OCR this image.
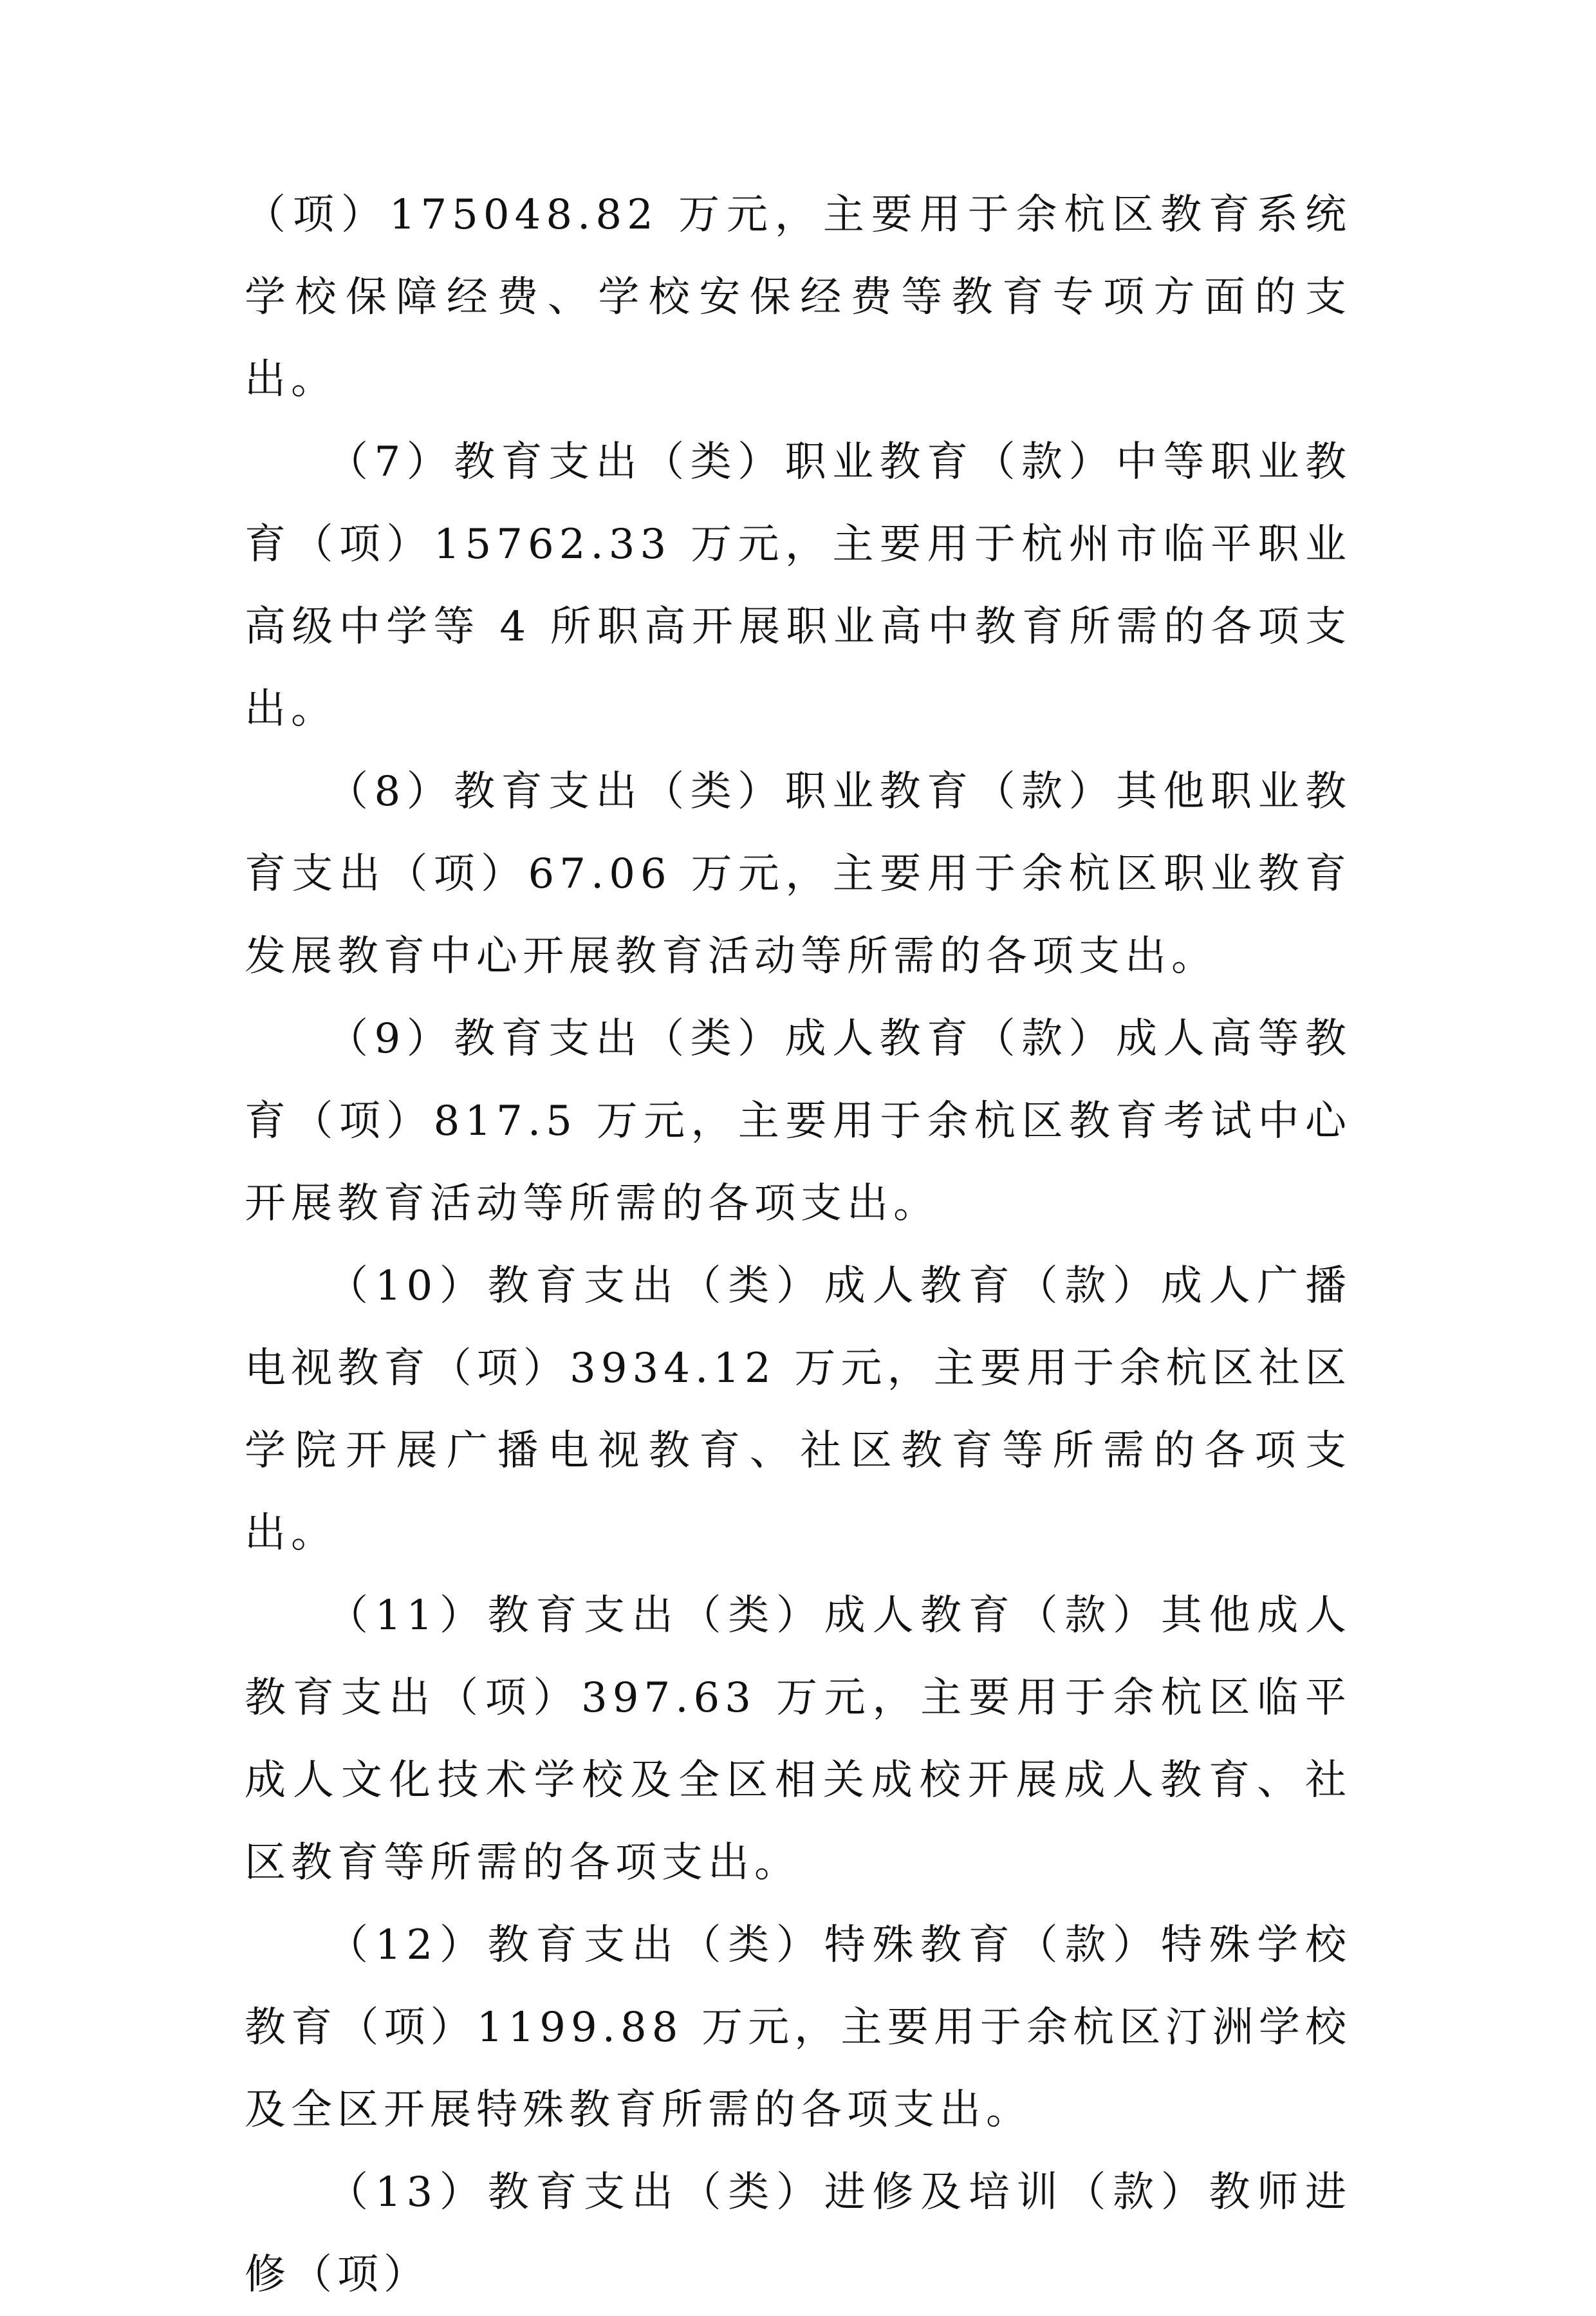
（项）175048.82 万元，主要用于余杭区教育系统学校保障经费、学校安保经费等教育专项方面的支出。

（7）教育支出（类）职业教育（款）中等职业教育（项）15762.33 万元，主要用于杭州市临平职业高级中学等 4 所职高开展职业高中教育所需的各项支出。

（8）教育支出（类）职业教育（款）其他职业教育支出（项）67.06 万元，主要用于余杭区职业教育发展教育中心开展教育活动等所需的各项支出。

（9）教育支出（类）成人教育（款）成人高等教育（项）817.5 万元，主要用于余杭区教育考试中心开展教育活动等所需的各项支出。

（10）教育支出（类）成人教育（款）成人广播电视教育（项）3934.12 万元，主要用于余杭区社区学院开展广播电视教育、社区教育等所需的各项支出。

（11）教育支出（类）成人教育（款）其他成人教育支出（项）397.63 万元，主要用于余杭区临平成人文化技术学校及全区相关成校开展成人教育、社区教育等所需的各项支出。

（12）教育支出（类）特殊教育（款）特殊学校教育（项）1199.88 万元，主要用于余杭区汀洲学校及全区开展特殊教育所需的各项支出。

（13）教育支出（类）进修及培训（款）教师进修（项）
